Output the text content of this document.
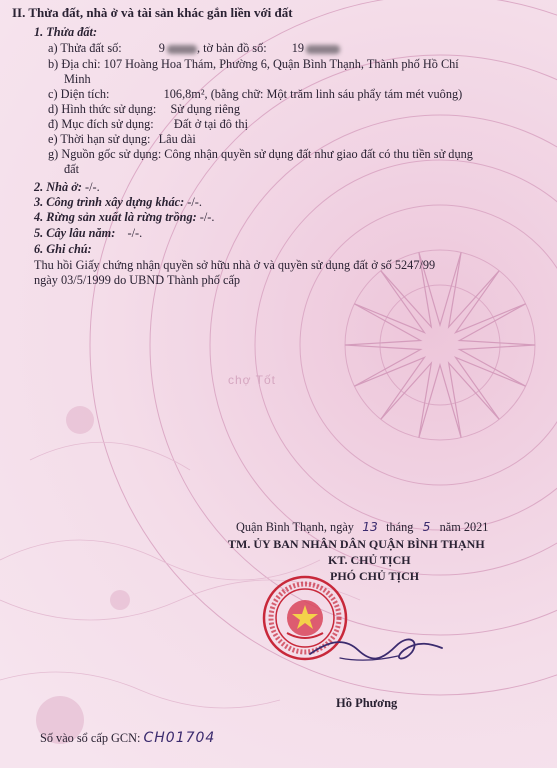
II. Thửa đất, nhà ở và tài sản khác gắn liền với đất
1. Thửa đất:
a) Thửa đất số:	9	, tờ bản đồ số: 19
b) Địa chỉ: 107 Hoàng Hoa Thám, Phường 6, Quận Bình Thạnh, Thành phố Hồ Chí
Minh
c) Diện tích:	106,8m², (bằng chữ: Một trăm linh sáu phẩy tám mét vuông)
d) Hình thức sử dụng: Sử dụng riêng
đ) Mục đích sử dụng: Đất ở tại đô thị
e) Thời hạn sử dụng: Lâu dài
g) Nguồn gốc sử dụng: Công nhận quyền sử dụng đất như giao đất có thu tiền sử dụng
đất
2. Nhà ở: -/-.
3. Công trình xây dựng khác: -/-.
4. Rừng sản xuất là rừng trồng: -/-.
5. Cây lâu năm: -/-.
6. Ghi chú:
Thu hồi Giấy chứng nhận quyền sở hữu nhà ở và quyền sử dụng đất ở số 5247/99
ngày 03/5/1999 do UBND Thành phố cấp
chợ Tốt
Quận Bình Thạnh, ngày 13 tháng 5 năm 2021
TM. ỦY BAN NHÂN DÂN QUẬN BÌNH THẠNH
KT. CHỦ TỊCH
PHÓ CHỦ TỊCH
Hồ Phương
Số vào sổ cấp GCN: CH01704
